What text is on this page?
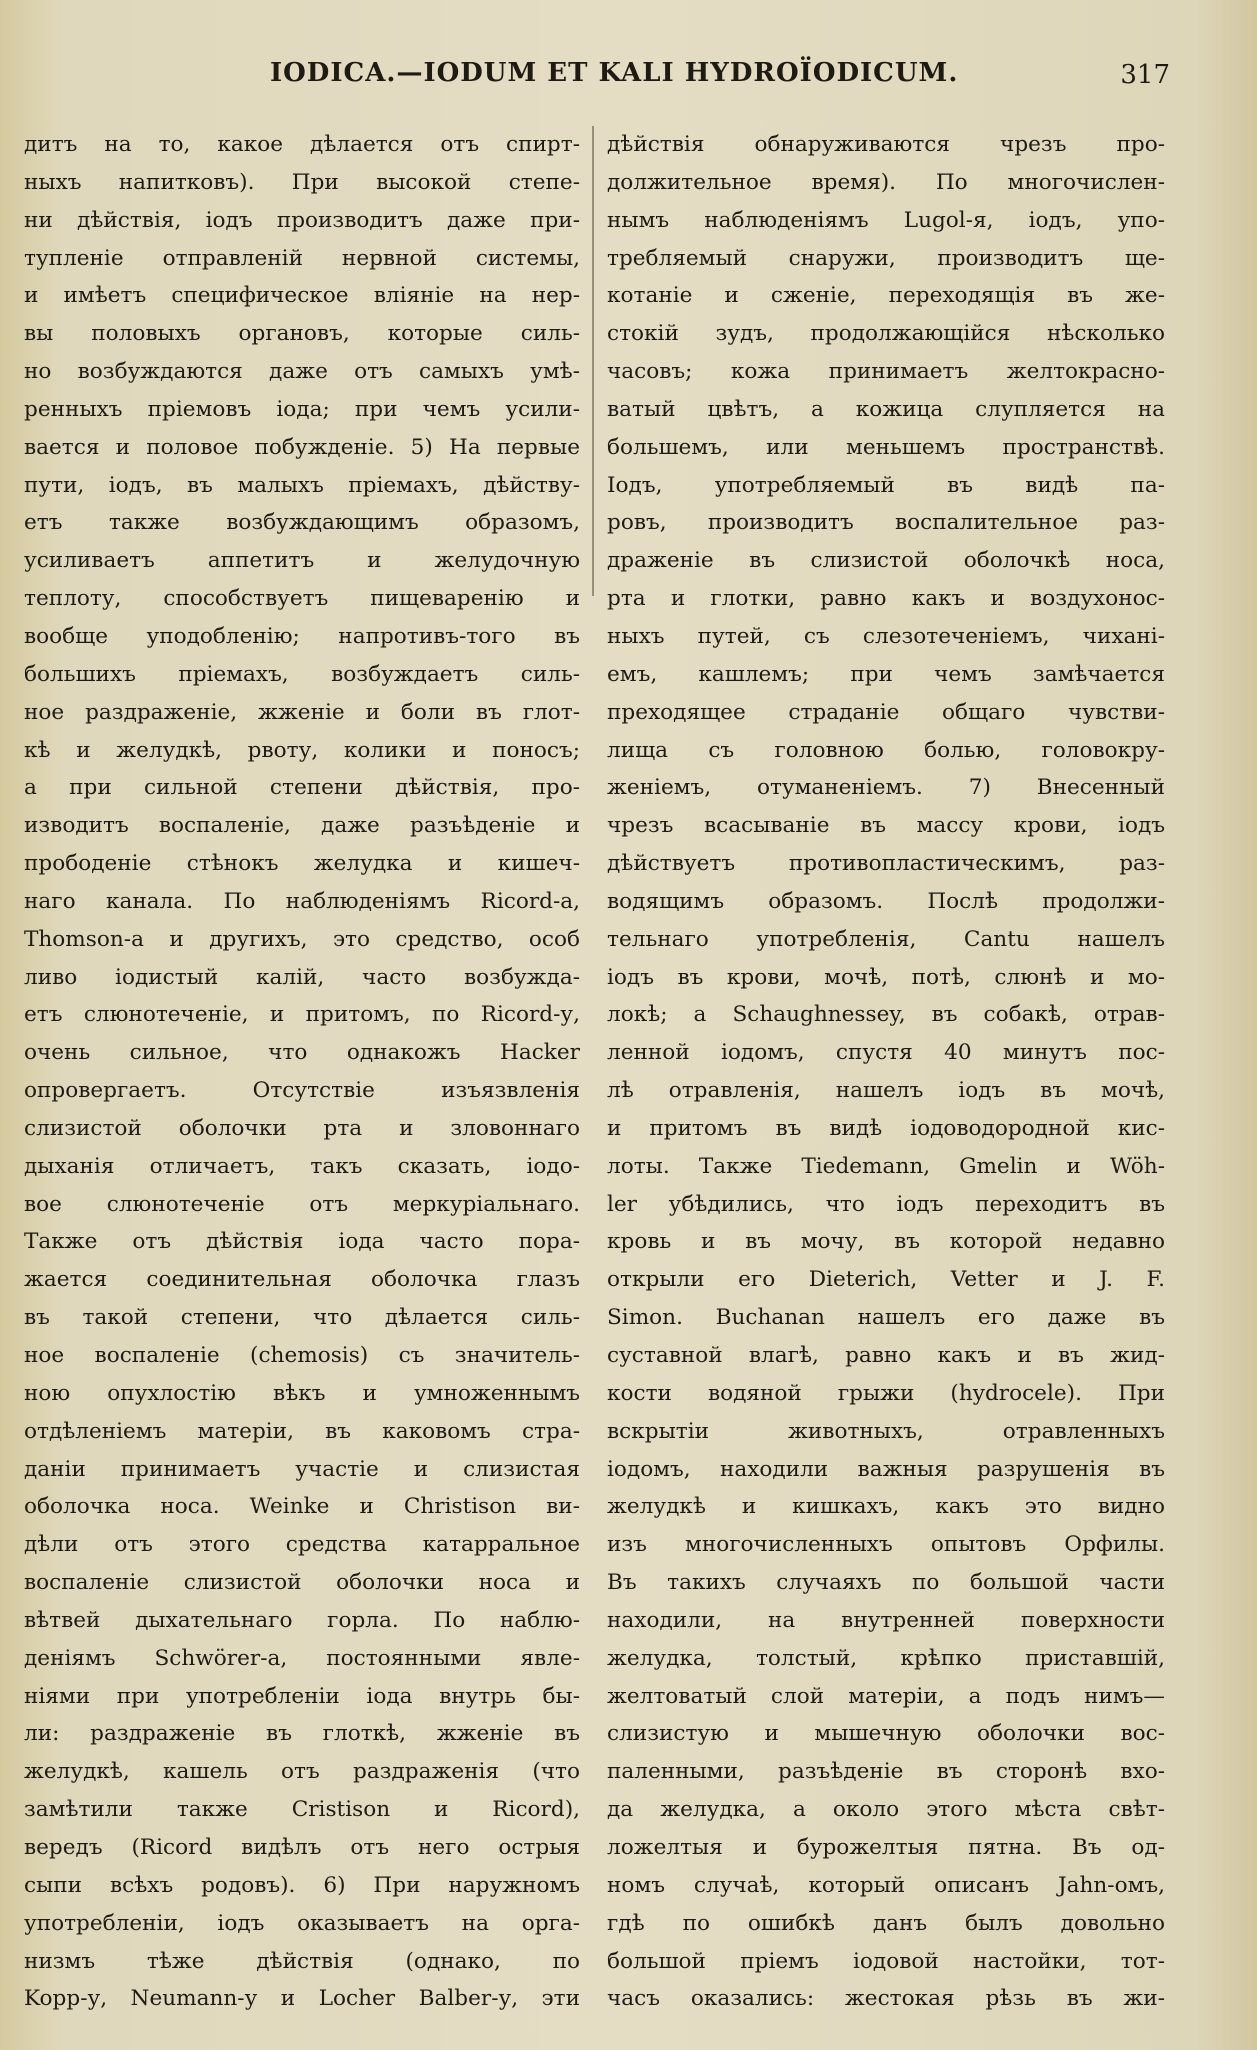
IODICA.—IODUM ET KALI HYDROÏODICUM.	317
дитъ на то, какое дѣлается отъ спирт-
ныхъ напитковъ). При высокой степе-
ни дѣйствія, іодъ производитъ даже при-
тупленіе отправленій нервной системы,
и имѣетъ специфическое вліяніе на нер-
вы половыхъ органовъ, которые силь-
но возбуждаются даже отъ самыхъ умѣ-
ренныхъ пріемовъ іода; при чемъ усили-
вается и половое побужденіе. 5) На первые
пути, іодъ, въ малыхъ пріемахъ, дѣйству-
етъ также возбуждающимъ образомъ,
усиливаетъ аппетитъ и желудочную
теплоту, способствуетъ пищеваренію и
вообще уподобленію; напротивъ-того въ
большихъ пріемахъ, возбуждаетъ силь-
ное раздраженіе, жженіе и боли въ глот-
кѣ и желудкѣ, рвоту, колики и поносъ;
а при сильной степени дѣйствія, про-
изводитъ воспаленіе, даже разъѣденіе и
прободеніе стѣнокъ желудка и кишеч-
наго канала. По наблюденіямъ Ricord-а,
Thomson-а и другихъ, это средство, особ
ливо іодистый калій, часто возбужда-
етъ слюнотеченіе, и притомъ, по Ricord-у,
очень сильное, что однакожъ Hacker
опровергаетъ. Отсутствіе изъязвленія
слизистой оболочки рта и зловоннаго
дыханія отличаетъ, такъ сказать, іодо-
вое слюнотеченіе отъ меркуріальнаго.
Также отъ дѣйствія іода часто пора-
жается соединительная оболочка глазъ
въ такой степени, что дѣлается силь-
ное воспаленіе (chemosis) съ значитель-
ною опухлостію вѣкъ и умноженнымъ
отдѣленіемъ матеріи, въ каковомъ стра-
даніи принимаетъ участіе и слизистая
оболочка носа. Weinke и Christison ви-
дѣли отъ этого средства катарральное
воспаленіе слизистой оболочки носа и
вѣтвей дыхательнаго горла. По наблю-
деніямъ Schwörer-а, постоянными явле-
ніями при употребленіи іода внутрь бы-
ли: раздраженіе въ глоткѣ, жженіе въ
желудкѣ, кашель отъ раздраженія (что
замѣтили также Cristison и Ricord),
вередъ (Ricord видѣлъ отъ него острыя
сыпи всѣхъ родовъ). 6) При наружномъ
употребленіи, іодъ оказываетъ на орга-
низмъ тѣже дѣйствія (однако, по
Kopp-у, Neumann-у и Locher Balber-у, эти
дѣйствія обнаруживаются чрезъ про-
должительное время). По многочислен-
нымъ наблюденіямъ Lugol-я, іодъ, упо-
требляемый снаружи, производитъ ще-
котаніе и сженіе, переходящія въ же-
стокій зудъ, продолжающійся нѣсколько
часовъ; кожа принимаетъ желтокрасно-
ватый цвѣтъ, а кожица слупляется на
большемъ, или меньшемъ пространствѣ.
Іодъ, употребляемый въ видѣ па-
ровъ, производитъ воспалительное раз-
драженіе въ слизистой оболочкѣ носа,
рта и глотки, равно какъ и воздухонос-
ныхъ путей, съ слезотеченіемъ, чихані-
емъ, кашлемъ; при чемъ замѣчается
преходящее страданіе общаго чувстви-
лища съ головною болью, головокру-
женіемъ, отуманеніемъ. 7) Внесенный
чрезъ всасываніе въ массу крови, іодъ
дѣйствуетъ противопластическимъ, раз-
водящимъ образомъ. Послѣ продолжи-
тельнаго употребленія, Cantu нашелъ
іодъ въ крови, мочѣ, потѣ, слюнѣ и мо-
локѣ; а Schaughnessey, въ собакѣ, отрав-
ленной іодомъ, спустя 40 минутъ пос-
лѣ отравленія, нашелъ іодъ въ мочѣ,
и притомъ въ видѣ іодоводородной кис-
лоты. Также Tiedemann, Gmelin и Wöh-
ler убѣдились, что іодъ переходитъ въ
кровь и въ мочу, въ которой недавно
открыли его Dieterich, Vetter и J. F.
Simon. Buchanan нашелъ его даже въ
суставной влагѣ, равно какъ и въ жид-
кости водяной грыжи (hydrocele). При
вскрытіи животныхъ, отравленныхъ
іодомъ, находили важныя разрушенія въ
желудкѣ и кишкахъ, какъ это видно
изъ многочисленныхъ опытовъ Орфилы.
Въ такихъ случаяхъ по большой части
находили, на внутренней поверхности
желудка, толстый, крѣпко приставшій,
желтоватый слой матеріи, а подъ нимъ—
слизистую и мышечную оболочки вос-
паленными, разъѣденіе въ сторонѣ вхо-
да желудка, а около этого мѣста свѣт-
ложелтыя и бурожелтыя пятна. Въ од-
номъ случаѣ, который описанъ Jahn-омъ,
гдѣ по ошибкѣ данъ былъ довольно
большой пріемъ іодовой настойки, тот-
часъ оказались: жестокая рѣзь въ жи-
